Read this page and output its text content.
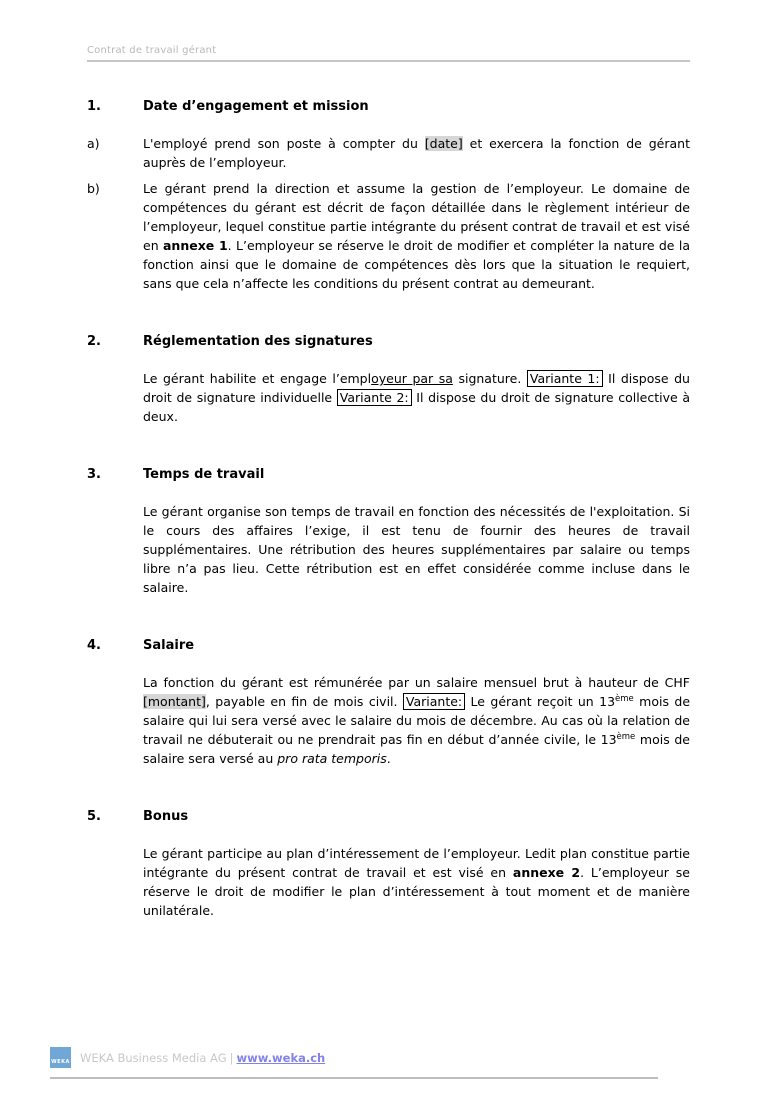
Contrat de travail gérant
1.	Date d’engagement et mission
a)	L'employé prend son poste à compter du [date] et exercera la fonction de gérant auprès de l’employeur.
b)	Le gérant prend la direction et assume la gestion de l’employeur. Le domaine de compétences du gérant est décrit de façon détaillée dans le règlement intérieur de l’employeur, lequel constitue partie intégrante du présent contrat de travail et est visé en annexe 1. L’employeur se réserve le droit de modifier et compléter la nature de la fonction ainsi que le domaine de compétences dès lors que la situation le requiert, sans que cela n’affecte les conditions du présent contrat au demeurant.
2.	Réglementation des signatures
Le gérant habilite et engage l’employeur par sa signature. Variante 1: Il dispose du droit de signature individuelle Variante 2: Il dispose du droit de signature collective à deux.
3.	Temps de travail
Le gérant organise son temps de travail en fonction des nécessités de l'exploitation. Si le cours des affaires l’exige, il est tenu de fournir des heures de travail supplémentaires. Une rétribution des heures supplémentaires par salaire ou temps libre n’a pas lieu. Cette rétribution est en effet considérée comme incluse dans le salaire.
4.	Salaire
La fonction du gérant est rémunérée par un salaire mensuel brut à hauteur de CHF [montant], payable en fin de mois civil. Variante: Le gérant reçoit un 13ème mois de salaire qui lui sera versé avec le salaire du mois de décembre. Au cas où la relation de travail ne débuterait ou ne prendrait pas fin en début d’année civile, le 13ème mois de salaire sera versé au pro rata temporis.
5.	Bonus
Le gérant participe au plan d’intéressement de l’employeur. Ledit plan constitue partie intégrante du présent contrat de travail et est visé en annexe 2. L’employeur se réserve le droit de modifier le plan d’intéressement à tout moment et de manière unilatérale.
WEKA WEKA Business Media AG | www.weka.ch
